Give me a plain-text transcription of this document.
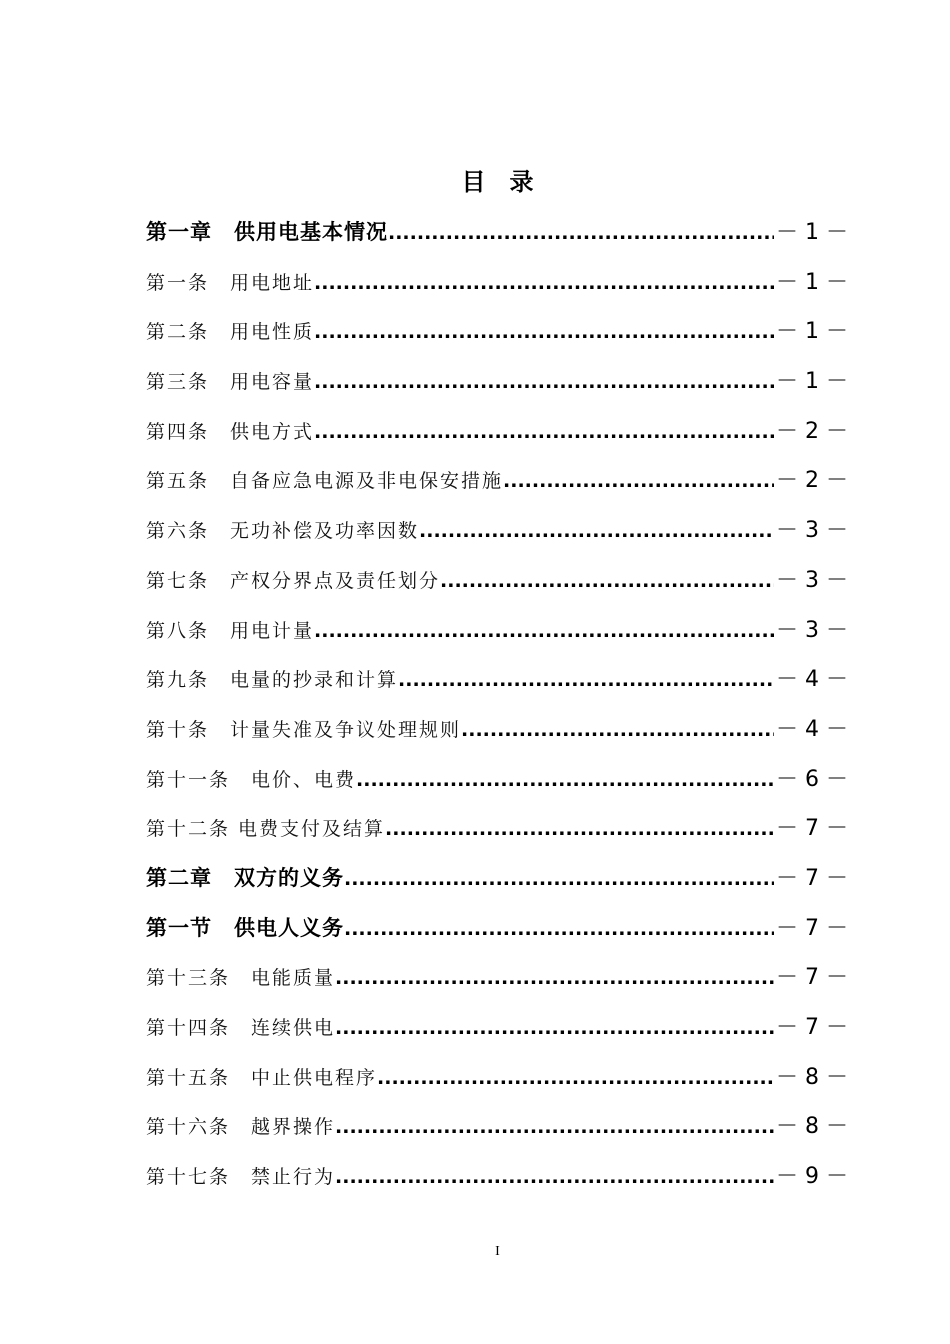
目　录
第一章　供用电基本情况 .....	－ 1 －
第一条　用电地址 .....	－ 1 －
第二条　用电性质 .....	－ 1 －
第三条　用电容量 .....	－ 1 －
第四条　供电方式 .....	－ 2 －
第五条　自备应急电源及非电保安措施 .....	－ 2 －
第六条　无功补偿及功率因数 .....	－ 3 －
第七条　产权分界点及责任划分 .....	－ 3 －
第八条　用电计量 .....	－ 3 －
第九条　电量的抄录和计算 .....	－ 4 －
第十条　计量失准及争议处理规则 .....	－ 4 －
第十一条　电价、电费 .....	－ 6 －
第十二条 电费支付及结算 .....	－ 7 －
第二章　双方的义务 .....	－ 7 －
第一节　供电人义务 .....	－ 7 －
第十三条　电能质量 .....	－ 7 －
第十四条　连续供电 .....	－ 7 －
第十五条　中止供电程序 .....	－ 8 －
第十六条　越界操作 .....	－ 8 －
第十七条　禁止行为 .....	－ 9 －
I
